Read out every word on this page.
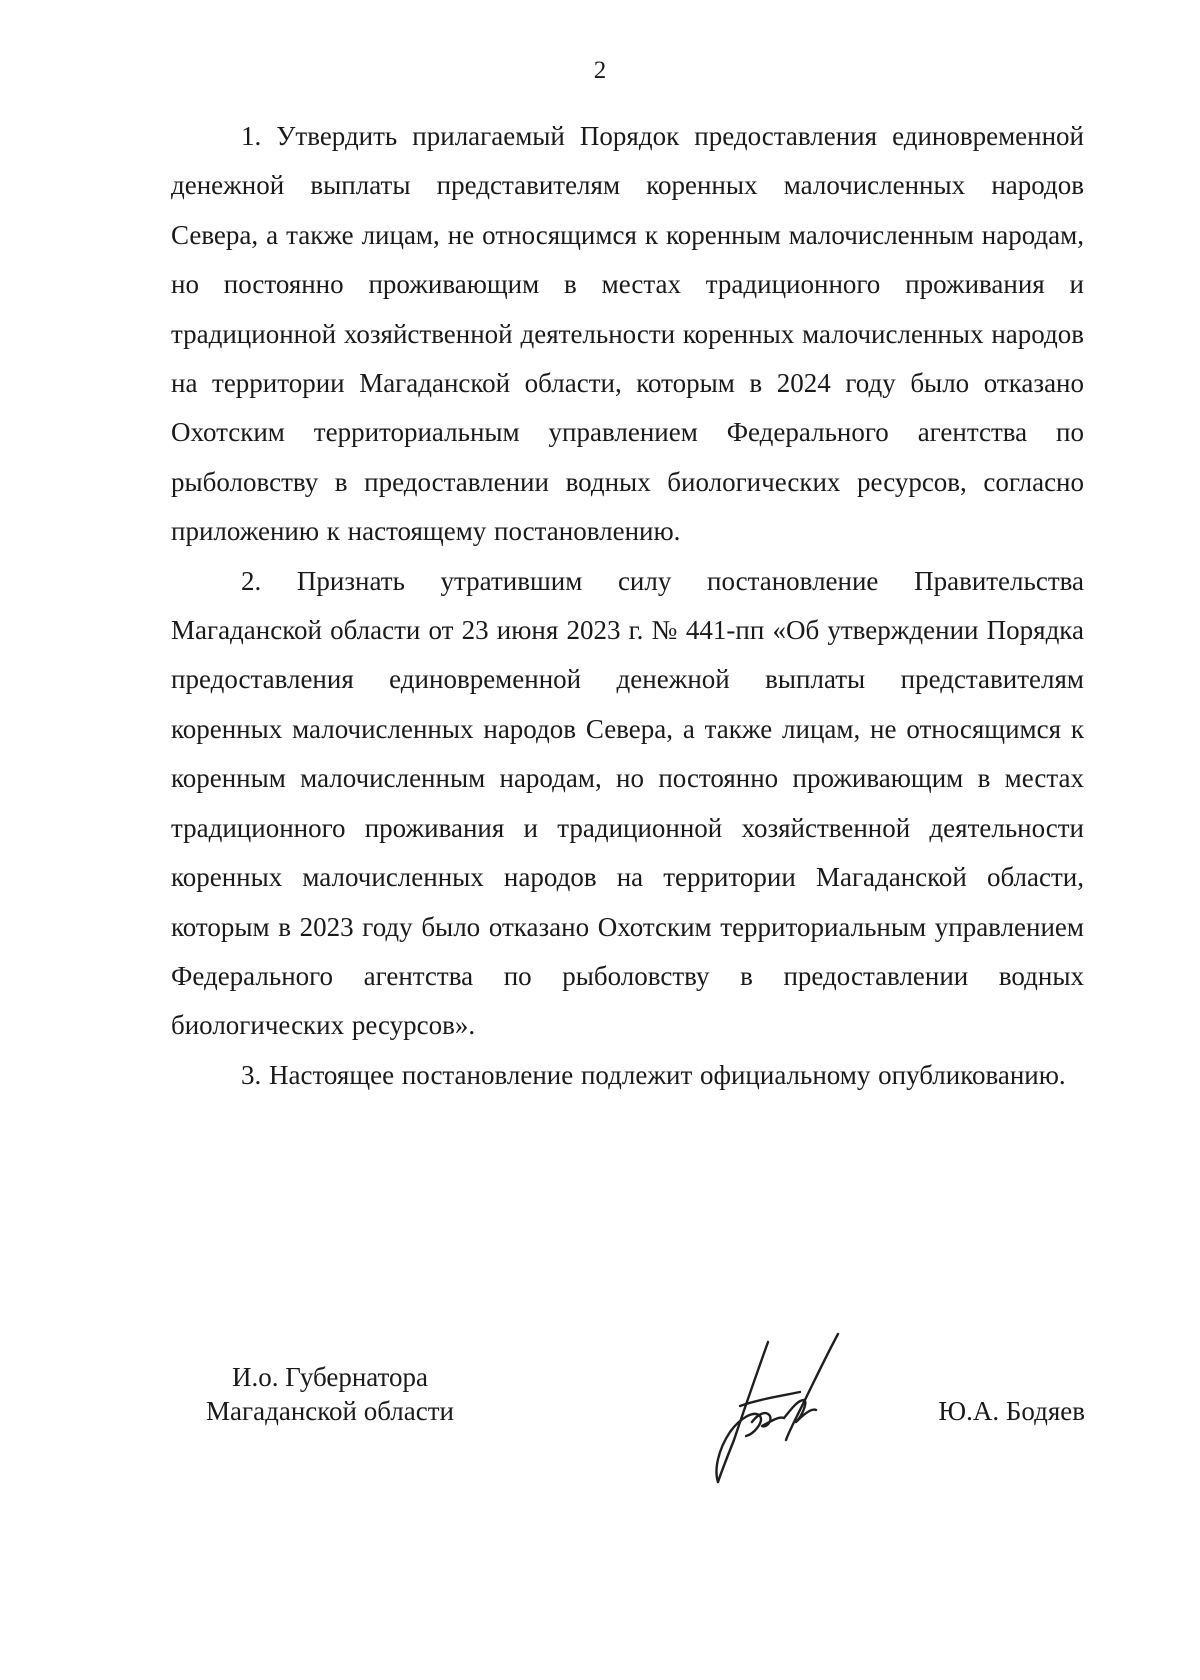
2

1. Утвердить прилагаемый Порядок предоставления единовременной денежной выплаты представителям коренных малочисленных народов Севера, а также лицам, не относящимся к коренным малочисленным народам, но постоянно проживающим в местах традиционного проживания и традиционной хозяйственной деятельности коренных малочисленных народов на территории Магаданской области, которым в 2024 году было отказано Охотским территориальным управлением Федерального агентства по рыболовству в предоставлении водных биологических ресурсов, согласно приложению к настоящему постановлению.

2. Признать утратившим силу постановление Правительства Магаданской области от 23 июня 2023 г. № 441-пп «Об утверждении Порядка предоставления единовременной денежной выплаты представителям коренных малочисленных народов Севера, а также лицам, не относящимся к коренным малочисленным народам, но постоянно проживающим в местах традиционного проживания и традиционной хозяйственной деятельности коренных малочисленных народов на территории Магаданской области, которым в 2023 году было отказано Охотским территориальным управлением Федерального агентства по рыболовству в предоставлении водных биологических ресурсов».

3. Настоящее постановление подлежит официальному опубликованию.

И.о. Губернатора
Магаданской области	Ю.А. Бодяев
